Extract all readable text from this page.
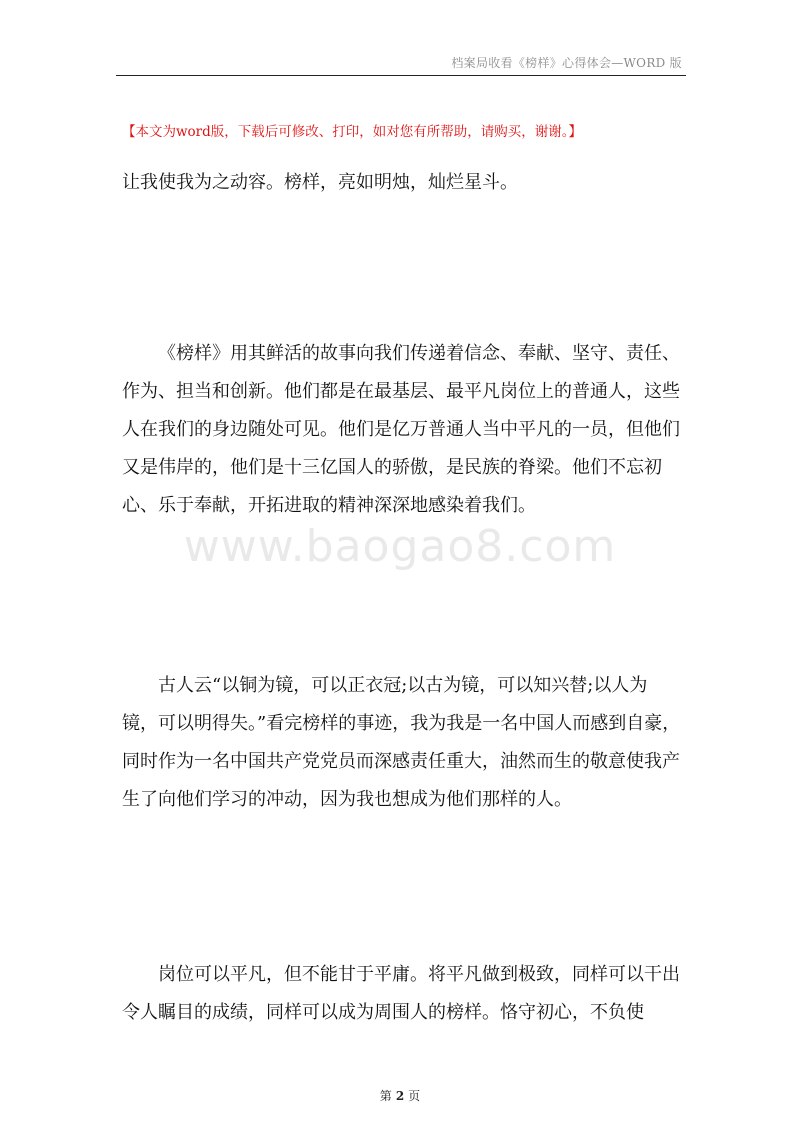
档案局收看《榜样》心得体会—WORD 版
【本文为word版，下载后可修改、打印，如对您有所帮助，请购买，谢谢。】
让我使我为之动容。榜样，亮如明烛，灿烂星斗。
《榜样》用其鲜活的故事向我们传递着信念、奉献、坚守、责任、作为、担当和创新。他们都是在最基层、最平凡岗位上的普通人，这些人在我们的身边随处可见。他们是亿万普通人当中平凡的一员，但他们又是伟岸的，他们是十三亿国人的骄傲，是民族的脊梁。他们不忘初心、乐于奉献，开拓进取的精神深深地感染着我们。
www.baogao8.com
古人云“以铜为镜，可以正衣冠;以古为镜，可以知兴替;以人为镜，可以明得失。”看完榜样的事迹，我为我是一名中国人而感到自豪，同时作为一名中国共产党党员而深感责任重大，油然而生的敬意使我产生了向他们学习的冲动，因为我也想成为他们那样的人。
岗位可以平凡，但不能甘于平庸。将平凡做到极致，同样可以干出令人瞩目的成绩，同样可以成为周围人的榜样。恪守初心，不负使
第 2 页
